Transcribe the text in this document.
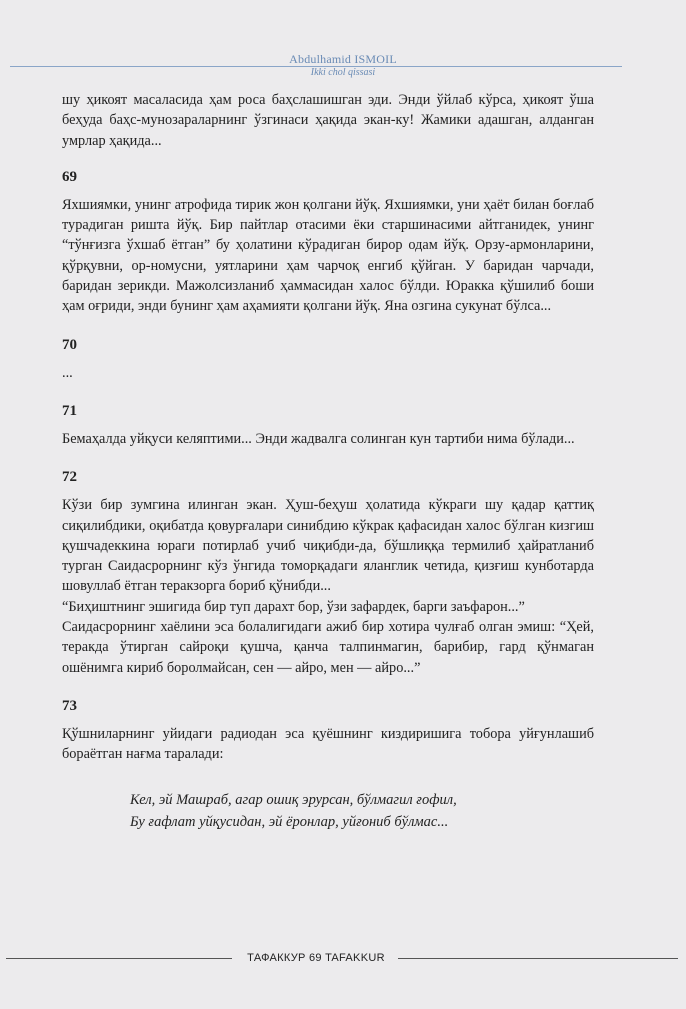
Abdulhamid ISMOIL
Ikki chol qissasi

шу ҳикоят масаласида ҳам роса баҳслашишган эди. Энди ўйлаб кўрса, ҳикоят ўша беҳуда баҳс-мунозараларнинг ўзгинаси ҳақида экан-ку! Жамики адашган, алданган умрлар ҳақида...

69

Яхшиямки, унинг атрофида тирик жон қолгани йўқ. Яхшиямки, уни ҳаёт билан боғлаб турадиган ришта йўқ. Бир пайтлар отасими ёки старшинасими айтганидек, унинг “тўнғизга ўхшаб ётган” бу ҳолатини кўрадиган бирор одам йўқ. Орзу-армонларини, қўрқувни, ор-номусни, уятларини ҳам чарчоқ енгиб қўйган. У баридан чарчади, баридан зерикди. Мажолсизланиб ҳаммасидан халос бўлди. Юракка қўшилиб боши ҳам оғриди, энди бунинг ҳам аҳамияти қолгани йўқ. Яна озгина сукунат бўлса...

70

...

71

Бемаҳалда уйқуси келяптими... Энди жадвалга солинган кун тартиби нима бўлади...

72

Кўзи бир зумгина илинган экан. Ҳуш-беҳуш ҳолатида кўкраги шу қадар қаттиқ сиқилибдики, оқибатда қовурғалари синибдию кўкрак қафасидан халос бўлган кизгиш қушчадеккина юраги потирлаб учиб чиқибди-да, бўшлиққа термилиб ҳайратланиб турган Саидасрорнинг кўз ўнгида томорқадаги яланглик четида, қизғиш кунботарда шовуллаб ётган теракзорга бориб қўнибди...

“Биҳиштнинг эшигида бир туп дарахт бор, ўзи зафардек, барги заъфарон...”

Саидасрорнинг хаёлини эса болалигидаги ажиб бир хотира чулғаб олган эмиш: “Ҳей, теракда ўтирган сайроқи қушча, қанча талпинмагин, барибир, гард қўнмаган ошёнимга кириб боролмайсан, сен — айро, мен — айро...”

73

Қўшниларнинг уйидаги радиодан эса қуёшнинг киздиришига тобора уйғунлашиб бораётган нағма таралади:

Кел, эй Машраб, агар ошиқ эрурсан, бўлмагил ғофил,
Бу ғафлат уйқусидан, эй ёронлар, уйғониб бўлмас...
ТАФАККУР 69 TAFAKKUR
